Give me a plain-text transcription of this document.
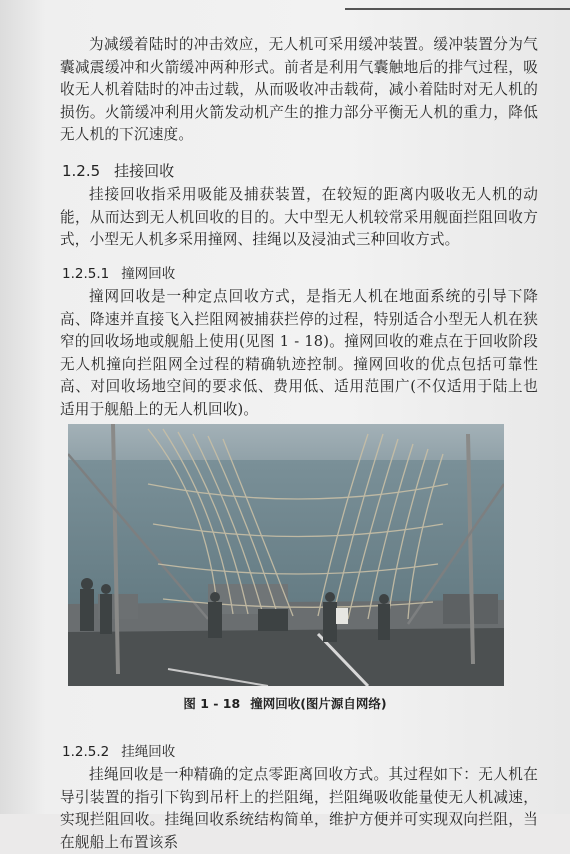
为减缓着陆时的冲击效应，无人机可采用缓冲装置。缓冲装置分为气囊减震缓冲和火箭缓冲两种形式。前者是利用气囊触地后的排气过程，吸收无人机着陆时的冲击过载，从而吸收冲击载荷，减小着陆时对无人机的损伤。火箭缓冲利用火箭发动机产生的推力部分平衡无人机的重力，降低无人机的下沉速度。

1.2.5 挂接回收

挂接回收指采用吸能及捕获装置，在较短的距离内吸收无人机的动能，从而达到无人机回收的目的。大中型无人机较常采用舰面拦阻回收方式，小型无人机多采用撞网、挂绳以及浸油式三种回收方式。

1.2.5.1 撞网回收

撞网回收是一种定点回收方式，是指无人机在地面系统的引导下降高、降速并直接飞入拦阻网被捕获拦停的过程，特别适合小型无人机在狭窄的回收场地或舰船上使用(见图 1 - 18)。撞网回收的难点在于回收阶段无人机撞向拦阻网全过程的精确轨迹控制。撞网回收的优点包括可靠性高、对回收场地空间的要求低、费用低、适用范围广(不仅适用于陆上也适用于舰船上的无人机回收)。

图 1 - 18 撞网回收(图片源自网络)
1.2.5.2 挂绳回收

挂绳回收是一种精确的定点零距离回收方式。其过程如下：无人机在导引装置的指引下钩到吊杆上的拦阻绳，拦阻绳吸收能量使无人机减速，实现拦阻回收。挂绳回收系统结构简单，维护方便并可实现双向拦阻，当在舰船上布置该系
